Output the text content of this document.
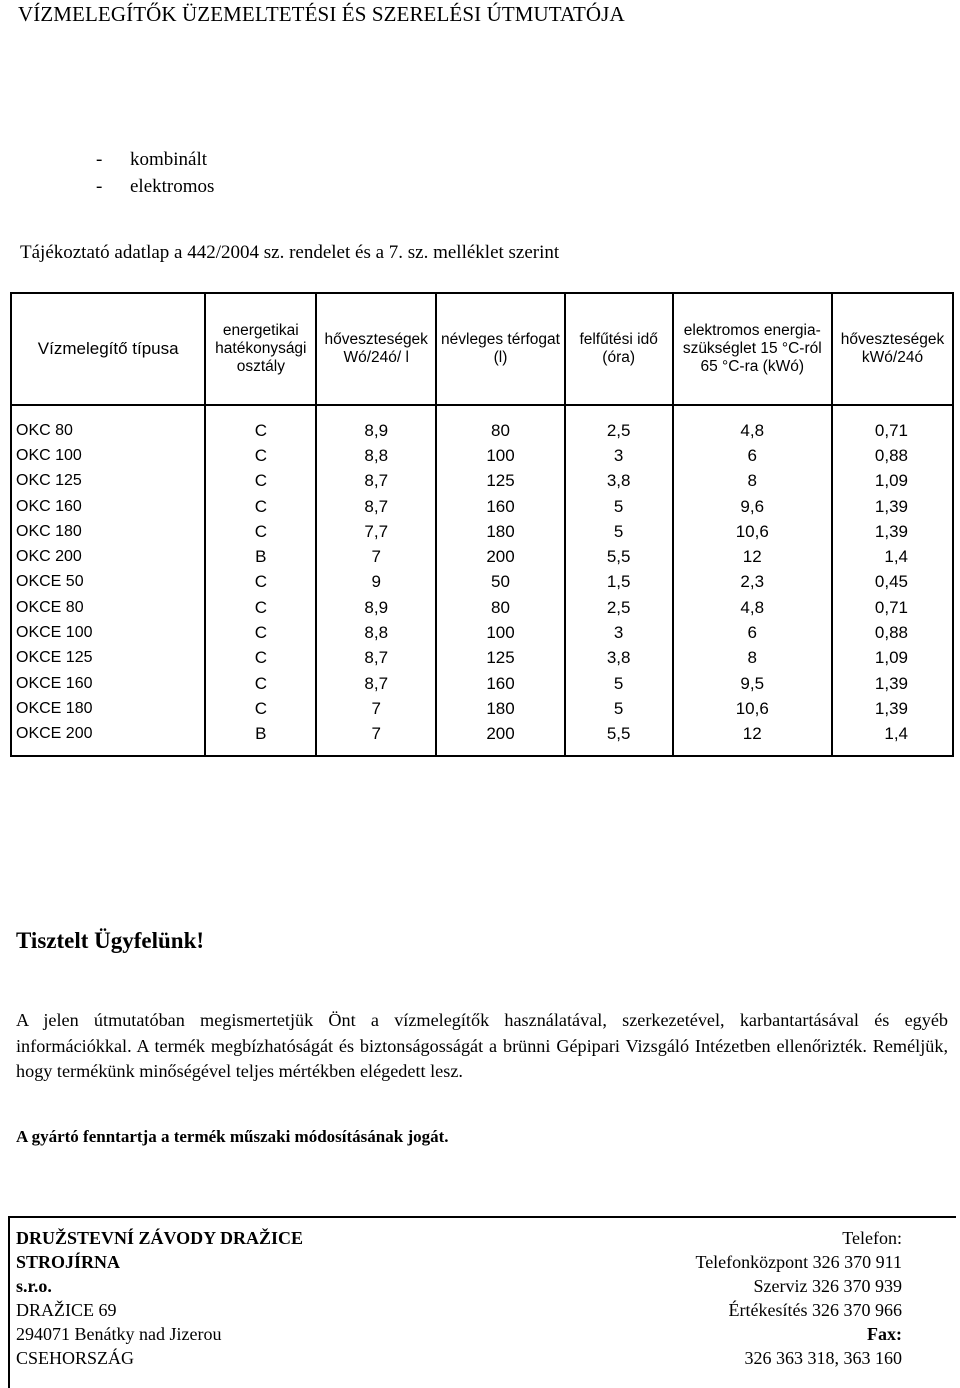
VÍZMELEGÍTŐK ÜZEMELTETÉSI ÉS SZERELÉSI ÚTMUTATÓJA
-	kombinált
-	elektromos
Tájékoztató adatlap a 442/2004 sz. rendelet és a 7. sz. melléklet szerint
Vízmelegítő típusa	energetikai hatékonysági osztály	hőveszteségek Wó/24ó/ l	névleges térfogat (l)	felfűtési idő (óra)	elektromos energia-szükséglet 15 °C-ról 65 °C-ra (kWó)	hőveszteségek kWó/24ó

OKC 80	C	8,9	80	2,5	4,8	0,71
OKC 100	C	8,8	100	3	6	0,88
OKC 125	C	8,7	125	3,8	8	1,09
OKC 160	C	8,7	160	5	9,6	1,39
OKC 180	C	7,7	180	5	10,6	1,39
OKC 200	B	7	200	5,5	12	1,4
OKCE 50	C	9	50	1,5	2,3	0,45
OKCE 80	C	8,9	80	2,5	4,8	0,71
OKCE 100	C	8,8	100	3	6	0,88
OKCE 125	C	8,7	125	3,8	8	1,09
OKCE 160	C	8,7	160	5	9,5	1,39
OKCE 180	C	7	180	5	10,6	1,39
OKCE 200	B	7	200	5,5	12	1,4

Tisztelt Ügyfelünk!
A jelen útmutatóban megismertetjük Önt a vízmelegítők használatával, szerkezetével, karbantartásával és egyéb információkkal. A termék megbízhatóságát és biztonságosságát a brünni Gépipari Vizsgáló Intézetben ellenőrizték. Reméljük, hogy termékünk minőségével teljes mértékben elégedett lesz.
A gyártó fenntartja a termék műszaki módosításának jogát.
DRUŽSTEVNÍ ZÁVODY DRAŽICE
STROJÍRNA
s.r.o.
DRAŽICE 69
294071 Benátky nad Jizerou
CSEHORSZÁG
Telefon:
Telefonközpont 326 370 911
Szerviz 326 370 939
Értékesítés 326 370 966
Fax:
326 363 318, 363 160
